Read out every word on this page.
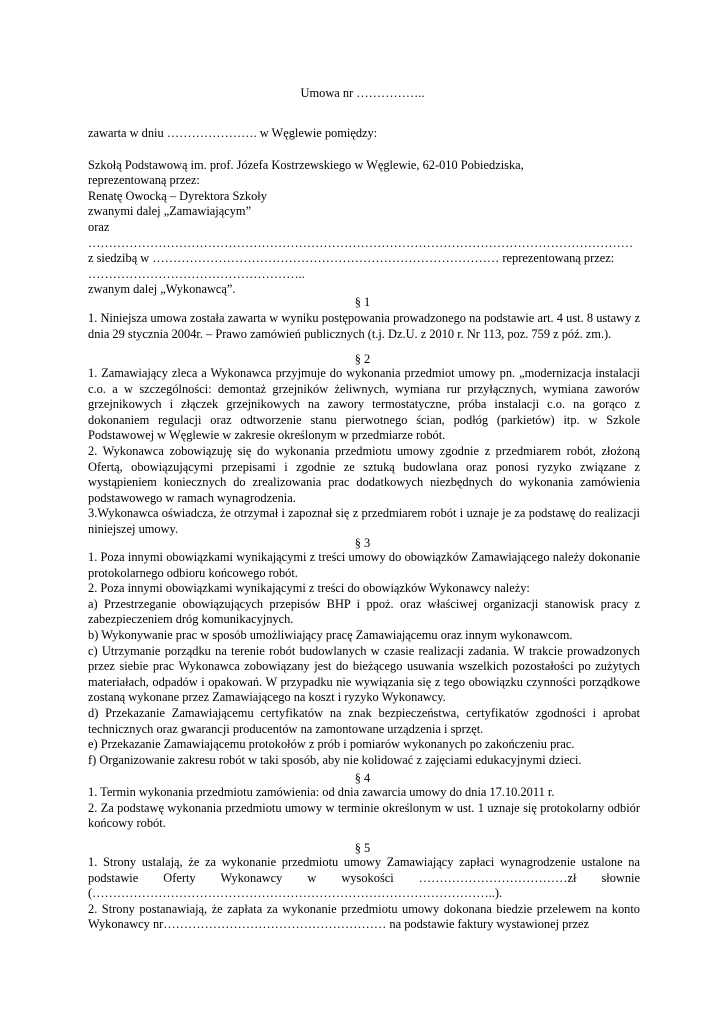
Umowa nr ……………..
zawarta w dniu …………………. w Węglewie pomiędzy:
Szkołą Podstawową im. prof. Józefa Kostrzewskiego w Węglewie, 62-010 Pobiedziska,
reprezentowaną przez:
Renatę Owocką – Dyrektora Szkoły
zwanymi dalej „Zamawiającym”
oraz
……………………………………………………………………………………………………………………
z siedzibą w ………………………………………………………………………… reprezentowaną przez:
……………………………………………..
zwanym dalej „Wykonawcą”.
§ 1

1. Niniejsza umowa została zawarta w wyniku postępowania prowadzonego na podstawie art. 4 ust. 8 ustawy z dnia 29 stycznia 2004r. – Prawo zamówień publicznych (t.j. Dz.U. z 2010 r. Nr 113, poz. 759 z póź. zm.).

§ 2

1. Zamawiający zleca a Wykonawca przyjmuje do wykonania przedmiot umowy pn. „modernizacja instalacji c.o. a w szczególności: demontaż grzejników żeliwnych, wymiana rur przyłącznych, wymiana zaworów grzejnikowych i złączek grzejnikowych na zawory termostatyczne, próba instalacji c.o. na gorąco z dokonaniem regulacji oraz odtworzenie stanu pierwotnego ścian, podłóg (parkietów) itp. w Szkole Podstawowej w Węglewie w zakresie określonym w przedmiarze robót.

2. Wykonawca zobowiązuję się do wykonania przedmiotu umowy zgodnie z przedmiarem robót, złożoną Ofertą, obowiązującymi przepisami i zgodnie ze sztuką budowlana oraz ponosi ryzyko związane z wystąpieniem koniecznych do zrealizowania prac dodatkowych niezbędnych do wykonania zamówienia podstawowego w ramach wynagrodzenia.

3.Wykonawca oświadcza, że otrzymał i zapoznał się z przedmiarem robót i uznaje je za podstawę do realizacji niniejszej umowy.

§ 3

1. Poza innymi obowiązkami wynikającymi z treści umowy do obowiązków Zamawiającego należy dokonanie protokolarnego odbioru końcowego robót.

2. Poza innymi obowiązkami wynikającymi z treści do obowiązków Wykonawcy należy:

a) Przestrzeganie obowiązujących przepisów BHP i ppoż. oraz właściwej organizacji stanowisk pracy z zabezpieczeniem dróg komunikacyjnych.

b) Wykonywanie prac w sposób umożliwiający pracę Zamawiającemu oraz innym wykonawcom.

c) Utrzymanie porządku na terenie robót budowlanych w czasie realizacji zadania. W trakcie prowadzonych przez siebie prac Wykonawca zobowiązany jest do bieżącego usuwania wszelkich pozostałości po zużytych materiałach, odpadów i opakowań. W przypadku nie wywiązania się z tego obowiązku czynności porządkowe zostaną wykonane przez Zamawiającego na koszt i ryzyko Wykonawcy.

d) Przekazanie Zamawiającemu certyfikatów na znak bezpieczeństwa, certyfikatów zgodności i aprobat technicznych oraz gwarancji producentów na zamontowane urządzenia i sprzęt.

e) Przekazanie Zamawiającemu protokołów z prób i pomiarów wykonanych po zakończeniu prac.

f) Organizowanie zakresu robót w taki sposób, aby nie kolidować z zajęciami edukacyjnymi dzieci.

§ 4

1. Termin wykonania przedmiotu zamówienia: od dnia zawarcia umowy do dnia 17.10.2011 r.

2. Za podstawę wykonania przedmiotu umowy w terminie określonym w ust. 1 uznaje się protokolarny odbiór końcowy robót.

§ 5

1. Strony ustalają, że za wykonanie przedmiotu umowy Zamawiający zapłaci wynagrodzenie ustalone na podstawie Oferty Wykonawcy w wysokości ………………………………zł słownie (……………………………………………………………………………………..).

2. Strony postanawiają, że zapłata za wykonanie przedmiotu umowy dokonana biedzie przelewem na konto Wykonawcy nr……………………………………………… na podstawie faktury wystawionej przez
